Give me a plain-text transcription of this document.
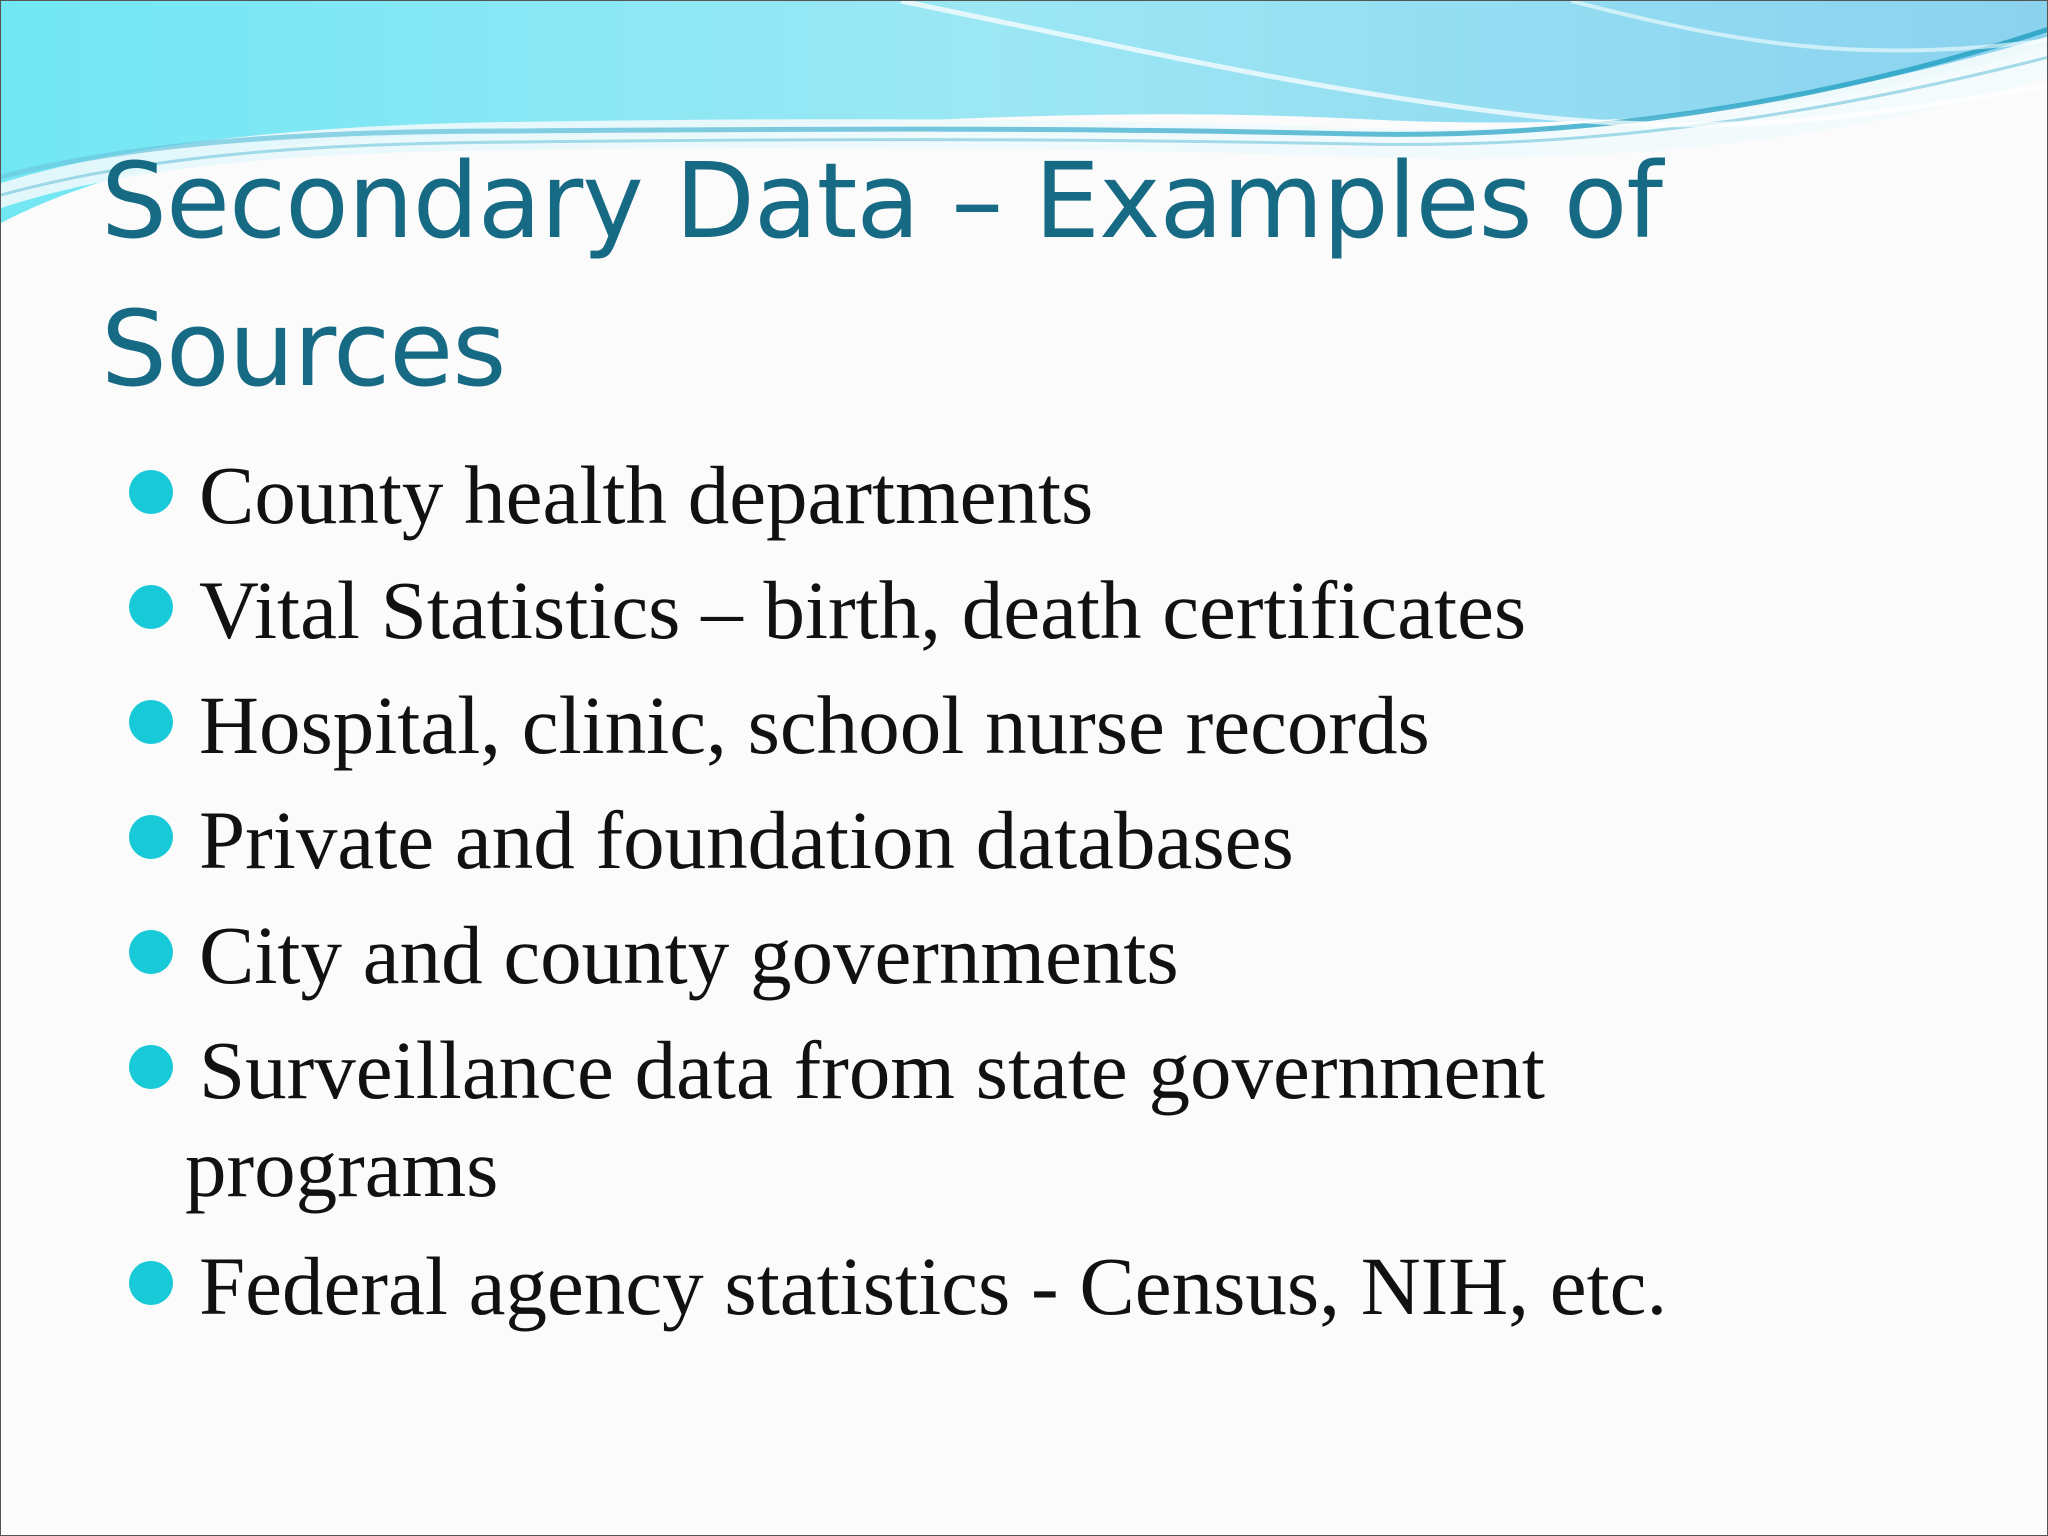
Secondary Data – Examples of Sources
County health departments
Vital Statistics – birth, death certificates
Hospital, clinic, school nurse records
Private and foundation databases
City and county governments
Surveillance data from state government
programs
Federal agency statistics - Census, NIH, etc.
